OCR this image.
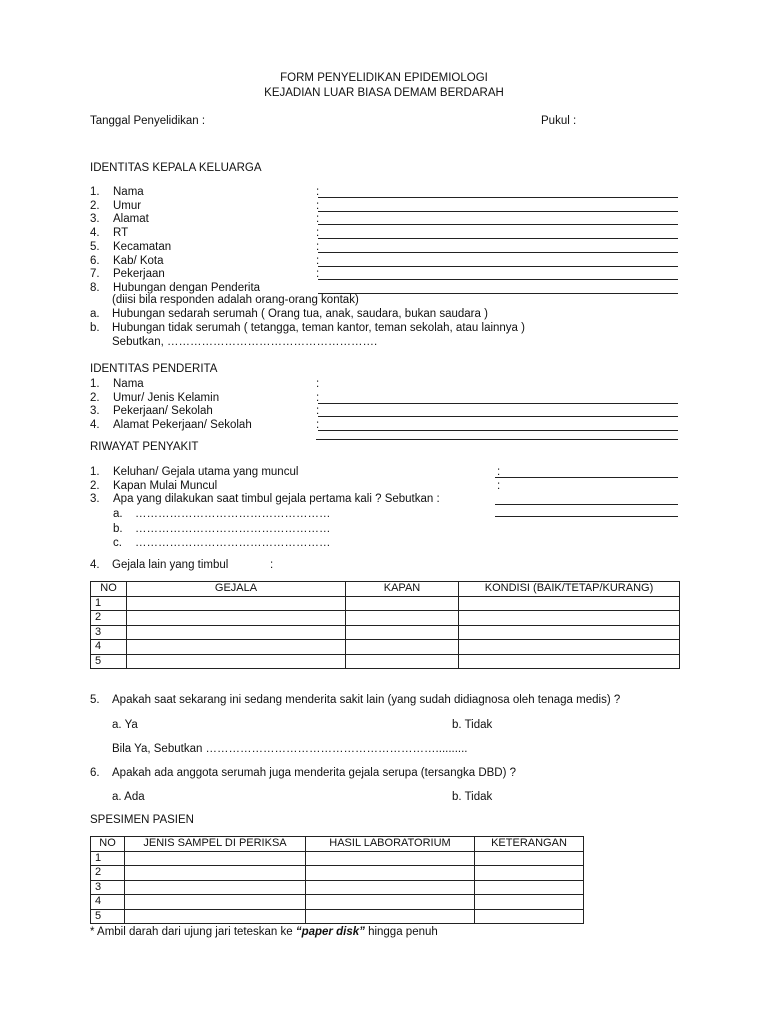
FORM PENYELIDIKAN EPIDEMIOLOGI
KEJADIAN LUAR BIASA DEMAM BERDARAH
Tanggal Penyelidikan :	Pukul :
IDENTITAS KEPALA KELUARGA
1. Nama	:
2. Umur	:
3. Alamat	:
4. RT	:
5. Kecamatan	:
6. Kab/ Kota	:
7. Pekerjaan	:
8. Hubungan dengan Penderita
(diisi bila responden adalah orang-orang kontak)
a. Hubungan sedarah serumah ( Orang tua, anak, saudara, bukan saudara )
b. Hubungan tidak serumah ( tetangga, teman kantor, teman sekolah, atau lainnya )
Sebutkan, ……………………………………………….
IDENTITAS PENDERITA
1. Nama	:
2. Umur/ Jenis Kelamin	:
3. Pekerjaan/ Sekolah	:
4. Alamat Pekerjaan/ Sekolah	:
RIWAYAT PENYAKIT
1. Keluhan/ Gejala utama yang muncul	:
2. Kapan Mulai Muncul	:
3. Apa yang dilakukan saat timbul gejala pertama kali ? Sebutkan :
a. ……………………………………………
b. ……………………………………………
c. ……………………………………………
4. Gejala lain yang timbul	:
NO	GEJALA	KAPAN	KONDISI (BAIK/TETAP/KURANG)
1			
2			
3			
4			
5			
5. Apakah saat sekarang ini sedang menderita sakit lain (yang sudah didiagnosa oleh tenaga medis) ?
a. Ya	b. Tidak
Bila Ya, Sebutkan ……………………………………………………..........
6. Apakah ada anggota serumah juga menderita gejala serupa (tersangka DBD) ?
a. Ada	b. Tidak
SPESIMEN PASIEN
NO	JENIS SAMPEL DI PERIKSA	HASIL LABORATORIUM	KETERANGAN
1			
2			
3			
4			
5			
* Ambil darah dari ujung jari teteskan ke “paper disk” hingga penuh
